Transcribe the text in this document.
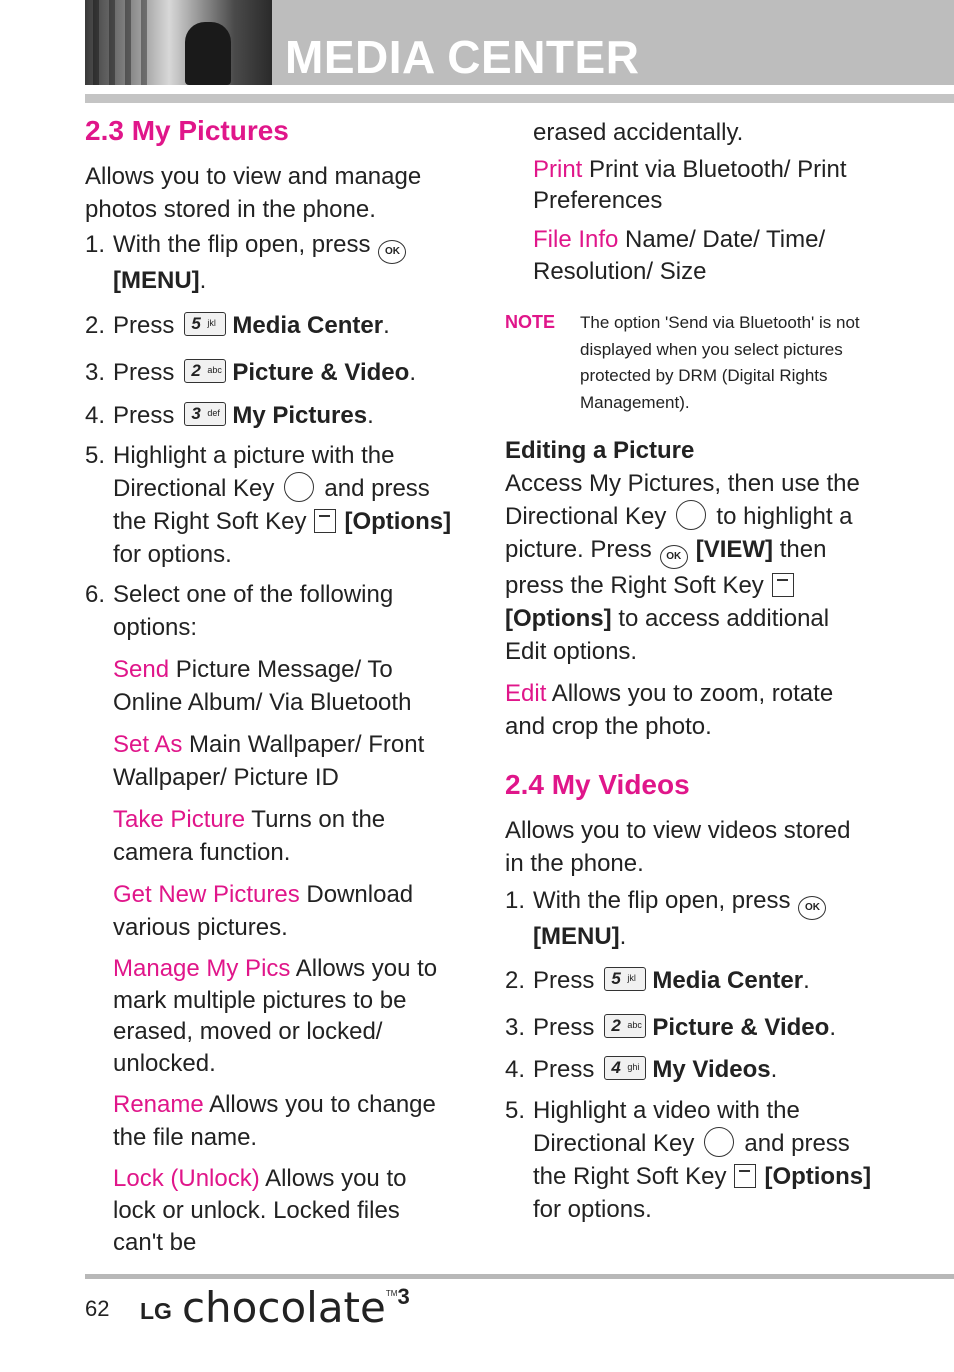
MEDIA CENTER

2.3 My Pictures

Allows you to view and manage photos stored in the phone.

1. With the flip open, press OK
[MENU].
2. Press 5 jkl Media Center.
3. Press 2 abc Picture & Video.
4. Press 3 def My Pictures.
5. Highlight a picture with the Directional Key and press the Right Soft Key [Options] for options.
6. Select one of the following options:

Send Picture Message/ To Online Album/ Via Bluetooth

Set As Main Wallpaper/ Front Wallpaper/ Picture ID

Take Picture Turns on the camera function.

Get New Pictures Download various pictures.

Manage My Pics Allows you to mark multiple pictures to be erased, moved or locked/ unlocked.

Rename Allows you to change the file name.

Lock (Unlock) Allows you to lock or unlock. Locked files can't be

erased accidentally.

Print Print via Bluetooth/ Print Preferences

File Info Name/ Date/ Time/ Resolution/ Size

NOTE The option 'Send via Bluetooth' is not displayed when you select pictures protected by DRM (Digital Rights Management).

Editing a Picture

Access My Pictures, then use the Directional Key to highlight a picture. Press OK [VIEW] then press the Right Soft Key
[Options] to access additional Edit options.

Edit Allows you to zoom, rotate and crop the photo.

2.4 My Videos

Allows you to view videos stored in the phone.

1. With the flip open, press OK
[MENU].
2. Press 5 jkl Media Center.
3. Press 2 abc Picture & Video.
4. Press 4 ghi My Videos.
5. Highlight a video with the Directional Key and press the Right Soft Key [Options] for options.
62 LG chocolate™3
